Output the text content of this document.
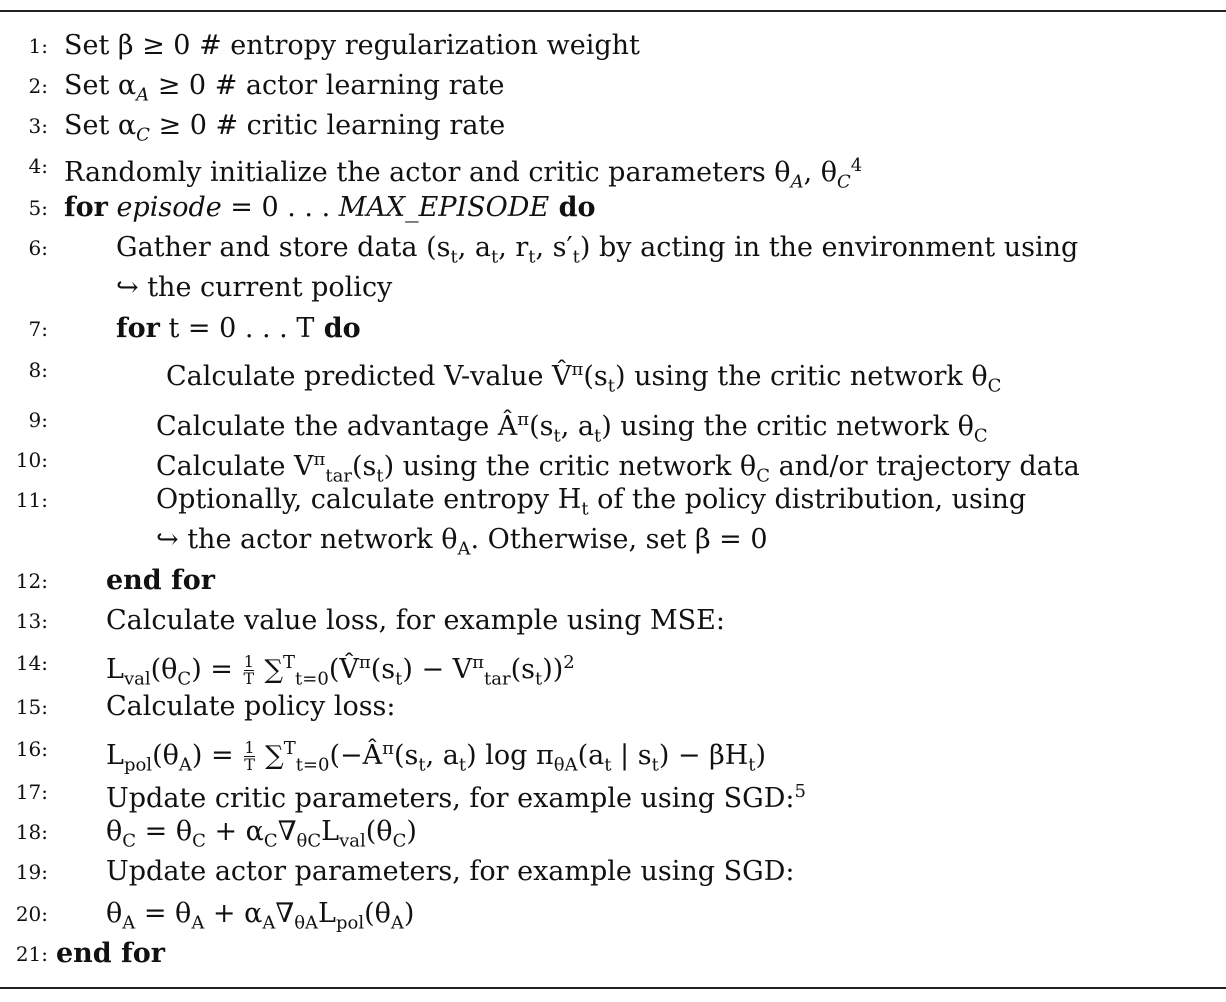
1: Set β ≥ 0 # entropy regularization weight
2: Set $\alpha_A \ge 0$ # actor learning rate
3: Set $\alpha_C \ge 0$ # critic learning rate
4: Randomly initialize the actor and critic parameters $\theta_A$, $\theta_C^4$
5: for episode = 0 . . . MAX_EPISODE do
6:	Gather and store data ($s_t$, $a_t$, $r_t$, $s'_t$) by acting in the environment using
↪ the current policy
7:	for t = 0 . . . T do
8:	Calculate predicted V-value $V̂^\pi(s_t)$ using the critic network $\theta_C$
9:	Calculate the advantage $Â^\pi(s_t$, $a_t$) using the critic network $\theta_C$
10:	Calculate $V^\pi_{tar}(s_t)$ using the critic network $\theta_C$ and/or trajectory data
11:	Optionally, calculate entropy $H_t$ of the policy distribution, using
↪ the actor network $\theta_A$. Otherwise, set β = 0
12: end for
13: Calculate value loss, for example using MSE:
14: $L_{val}(\theta_C) = \frac{1}{T}$ $\sum^T_{t=0}(V̂^\pi(s_t) - V^\pi_{tar}(s_t))^2$
15: Calculate policy loss:
16: $L_{pol}(\theta_A) = \frac{1}{T}$ $\sum^T_{t=0}(-Â^\pi(s_t$, $a_t$) $\log \pi_{\theta A}(a_t$ | $s_t) - \beta H_t$)
17: Update critic parameters, for example using SGD:$^5$
18: $\theta_C = \theta_C + \alpha_C\nabla_{\theta C}L_{val}(\theta_C)$
19: Update actor parameters, for example using SGD:
20: $\theta_A = \theta_A + \alpha_A\nabla_{\theta A}L_{pol}(\theta_A)$
21: end for
